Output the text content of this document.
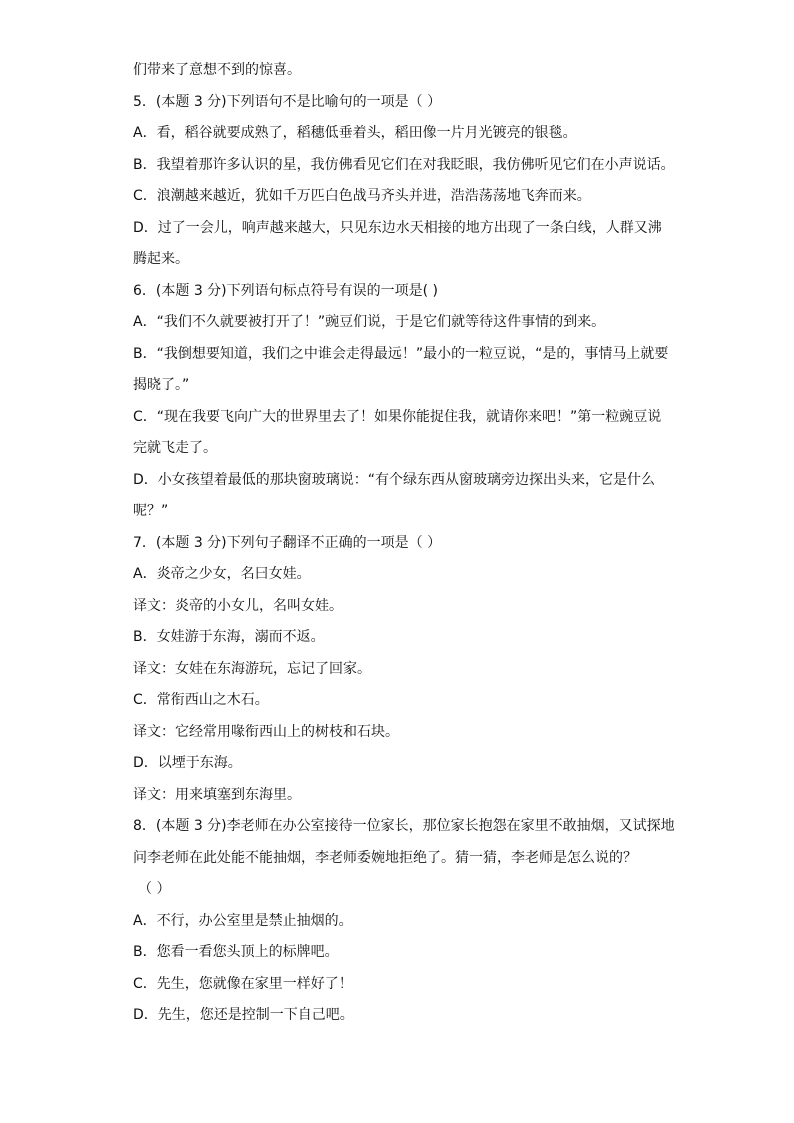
们带来了意想不到的惊喜。
5．(本题 3 分)下列语句不是比喻句的一项是（ ）
A．看，稻谷就要成熟了，稻穗低垂着头，稻田像一片月光镀亮的银毯。
B．我望着那许多认识的星，我仿佛看见它们在对我眨眼，我仿佛听见它们在小声说话。
C．浪潮越来越近，犹如千万匹白色战马齐头并进，浩浩荡荡地飞奔而来。
D．过了一会儿，响声越来越大，只见东边水天相接的地方出现了一条白线，人群又沸
腾起来。
6．(本题 3 分)下列语句标点符号有误的一项是( )
A．“我们不久就要被打开了！”豌豆们说，于是它们就等待这件事情的到来。
B．“我倒想要知道，我们之中谁会走得最远！”最小的一粒豆说，“是的，事情马上就要
揭晓了。”
C．“现在我要飞向广大的世界里去了！如果你能捉住我，就请你来吧！”第一粒豌豆说
完就飞走了。
D．小女孩望着最低的那块窗玻璃说：“有个绿东西从窗玻璃旁边探出头来，它是什么
呢？”
7．(本题 3 分)下列句子翻译不正确的一项是（ ）
A．炎帝之少女，名曰女娃。
译文：炎帝的小女儿，名叫女娃。
B．女娃游于东海，溺而不返。
译文：女娃在东海游玩，忘记了回家。
C．常衔西山之木石。
译文：它经常用喙衔西山上的树枝和石块。
D．以堙于东海。
译文：用来填塞到东海里。
8．(本题 3 分)李老师在办公室接待一位家长，那位家长抱怨在家里不敢抽烟，又试探地
问李老师在此处能不能抽烟，李老师委婉地拒绝了。猜一猜，李老师是怎么说的？
（ ）
A．不行，办公室里是禁止抽烟的。
B．您看一看您头顶上的标牌吧。
C．先生，您就像在家里一样好了！
D．先生，您还是控制一下自己吧。
